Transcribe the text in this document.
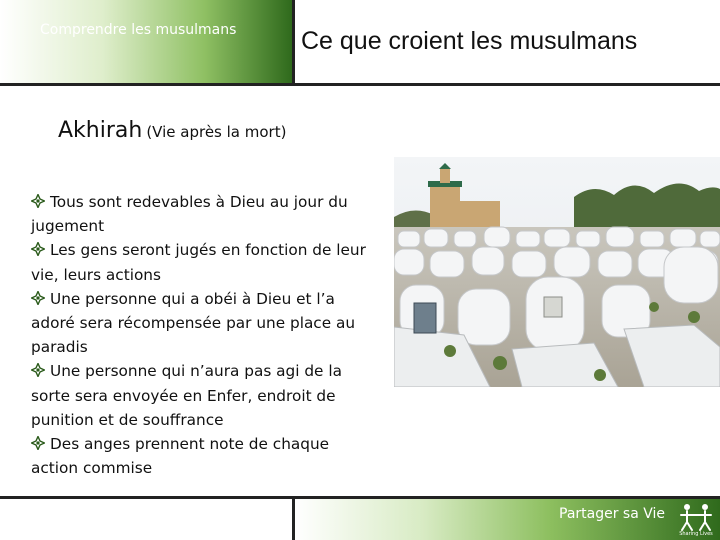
Comprendre les musulmans	Ce que croient les musulmans
Akhirah (Vie après la mort)

Tous sont redevables à Dieu au jour du jugement

Les gens seront jugés en fonction de leur vie, leurs actions

Une personne qui a obéi à Dieu et l’a adoré sera récompensée par une place au paradis

Une personne qui n’aura pas agi de la sorte sera envoyée en Enfer, endroit de punition et de souffrance

Des anges prennent note de chaque action commise

Partager sa Vie
Sharing Lives
